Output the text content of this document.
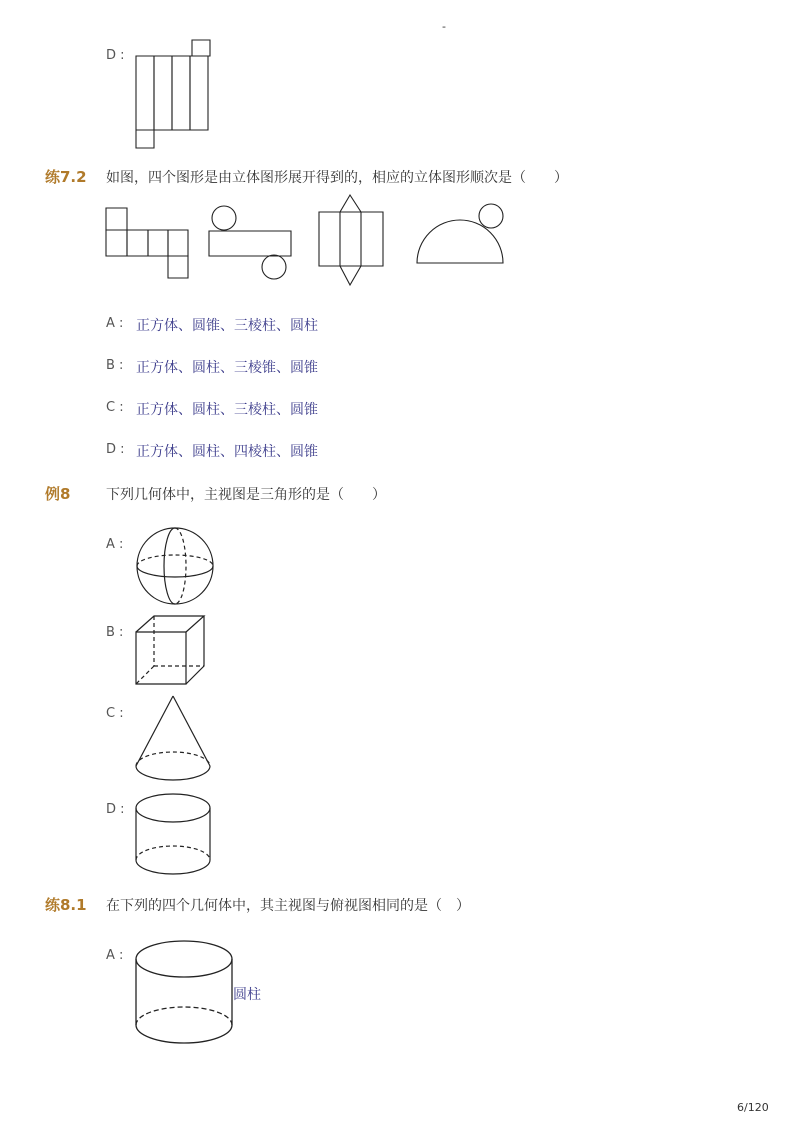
-
D :
练7.2 如图，四个图形是由立体图形展开得到的，相应的立体图形顺次是（　　）
A : 正方体、圆锥、三棱柱、圆柱
B : 正方体、圆柱、三棱锥、圆锥
C : 正方体、圆柱、三棱柱、圆锥
D : 正方体、圆柱、四棱柱、圆锥
例8	下列几何体中，主视图是三角形的是（　　）
A :
B :
C :
D :
练8.1 在下列的四个几何体中，其主视图与俯视图相同的是（　）
A :
圆柱
6/120
